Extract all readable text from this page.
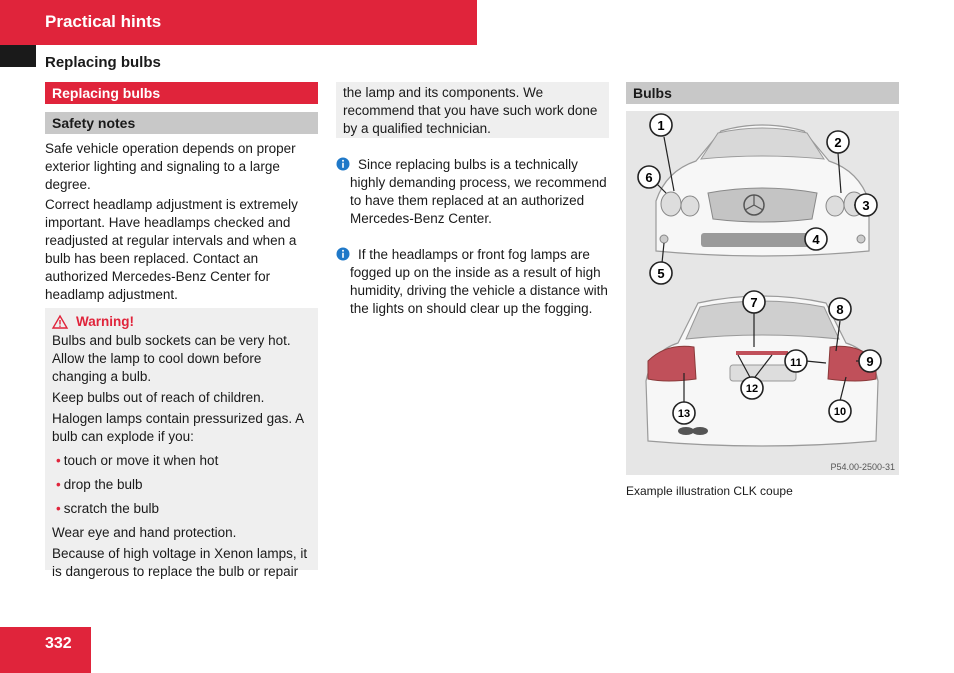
Practical hints
Replacing bulbs
Replacing bulbs
Safety notes

Safe vehicle operation depends on proper exterior lighting and signaling to a large degree.

Correct headlamp adjustment is extremely important. Have headlamps checked and readjusted at regular intervals and when a bulb has been replaced. Contact an authorized Mercedes-Benz Center for headlamp adjustment.

Warning!

Bulbs and bulb sockets can be very hot. Allow the lamp to cool down before changing a bulb.

Keep bulbs out of reach of children.

Halogen lamps contain pressurized gas. A bulb can explode if you:

• touch or move it when hot
• drop the bulb
• scratch the bulb

Wear eye and hand protection.

Because of high voltage in Xenon lamps, it is dangerous to replace the bulb or repair

the lamp and its components. We recommend that you have such work done by a qualified technician.

Since replacing bulbs is a technically highly demanding process, we recommend to have them replaced at an authorized Mercedes-Benz Center.

If the headlamps or front fog lamps are fogged up on the inside as a result of high humidity, driving the vehicle a distance with the lights on should clear up the fogging.

Bulbs
1
2
3
4
5
6
7	8
9
11
12
13	10
P54.00-2500-31
Example illustration CLK coupe
332
